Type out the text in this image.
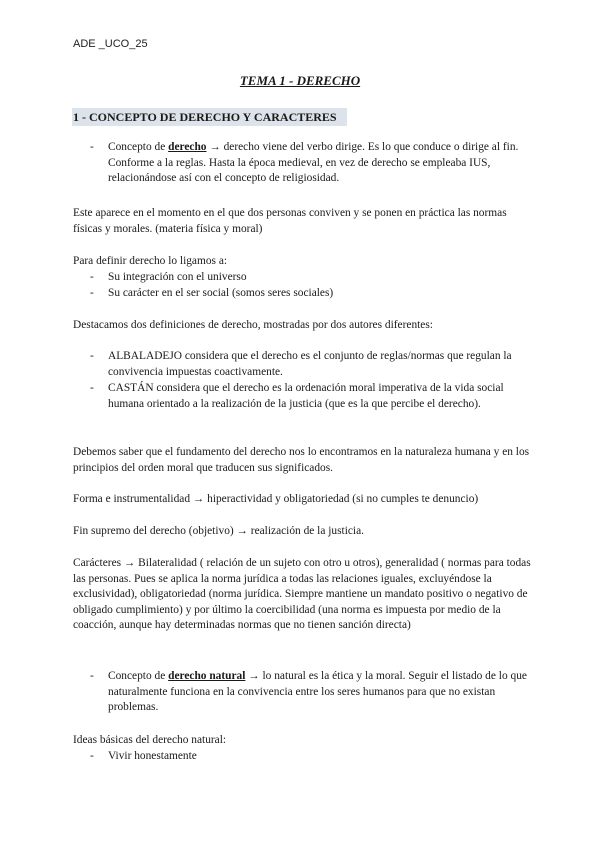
ADE _UCO_25
TEMA 1 - DERECHO
1 - CONCEPTO DE DERECHO Y CARACTERES
- Concepto de derecho → derecho viene del verbo dirige. Es lo que conduce o dirige al fin. Conforme a la reglas. Hasta la época medieval, en vez de derecho se empleaba IUS, relacionándose así con el concepto de religiosidad.
Este aparece en el momento en el que dos personas conviven y se ponen en práctica las normas físicas y morales. (materia física y moral)
Para definir derecho lo ligamos a:
- Su integración con el universo
- Su carácter en el ser social (somos seres sociales)
Destacamos dos definiciones de derecho, mostradas por dos autores diferentes:
- ALBALADEJO considera que el derecho es el conjunto de reglas/normas que regulan la convivencia impuestas coactivamente.
- CASTÁN considera que el derecho es la ordenación moral imperativa de la vida social humana orientado a la realización de la justicia (que es la que percibe el derecho).
Debemos saber que el fundamento del derecho nos lo encontramos en la naturaleza humana y en los principios del orden moral que traducen sus significados.
Forma e instrumentalidad → hiperactividad y obligatoriedad (si no cumples te denuncio)
Fin supremo del derecho (objetivo) → realización de la justicia.
Carácteres → Bilateralidad ( relación de un sujeto con otro u otros), generalidad ( normas para todas las personas. Pues se aplica la norma jurídica a todas las relaciones iguales, excluyéndose la exclusividad), obligatoriedad (norma jurídica. Siempre mantiene un mandato positivo o negativo de obligado cumplimiento) y por último la coercibilidad (una norma es impuesta por medio de la coacción, aunque hay determinadas normas que no tienen sanción directa)
- Concepto de derecho natural → lo natural es la ética y la moral. Seguir el listado de lo que naturalmente funciona en la convivencia entre los seres humanos para que no existan problemas.
Ideas básicas del derecho natural:
- Vivir honestamente
